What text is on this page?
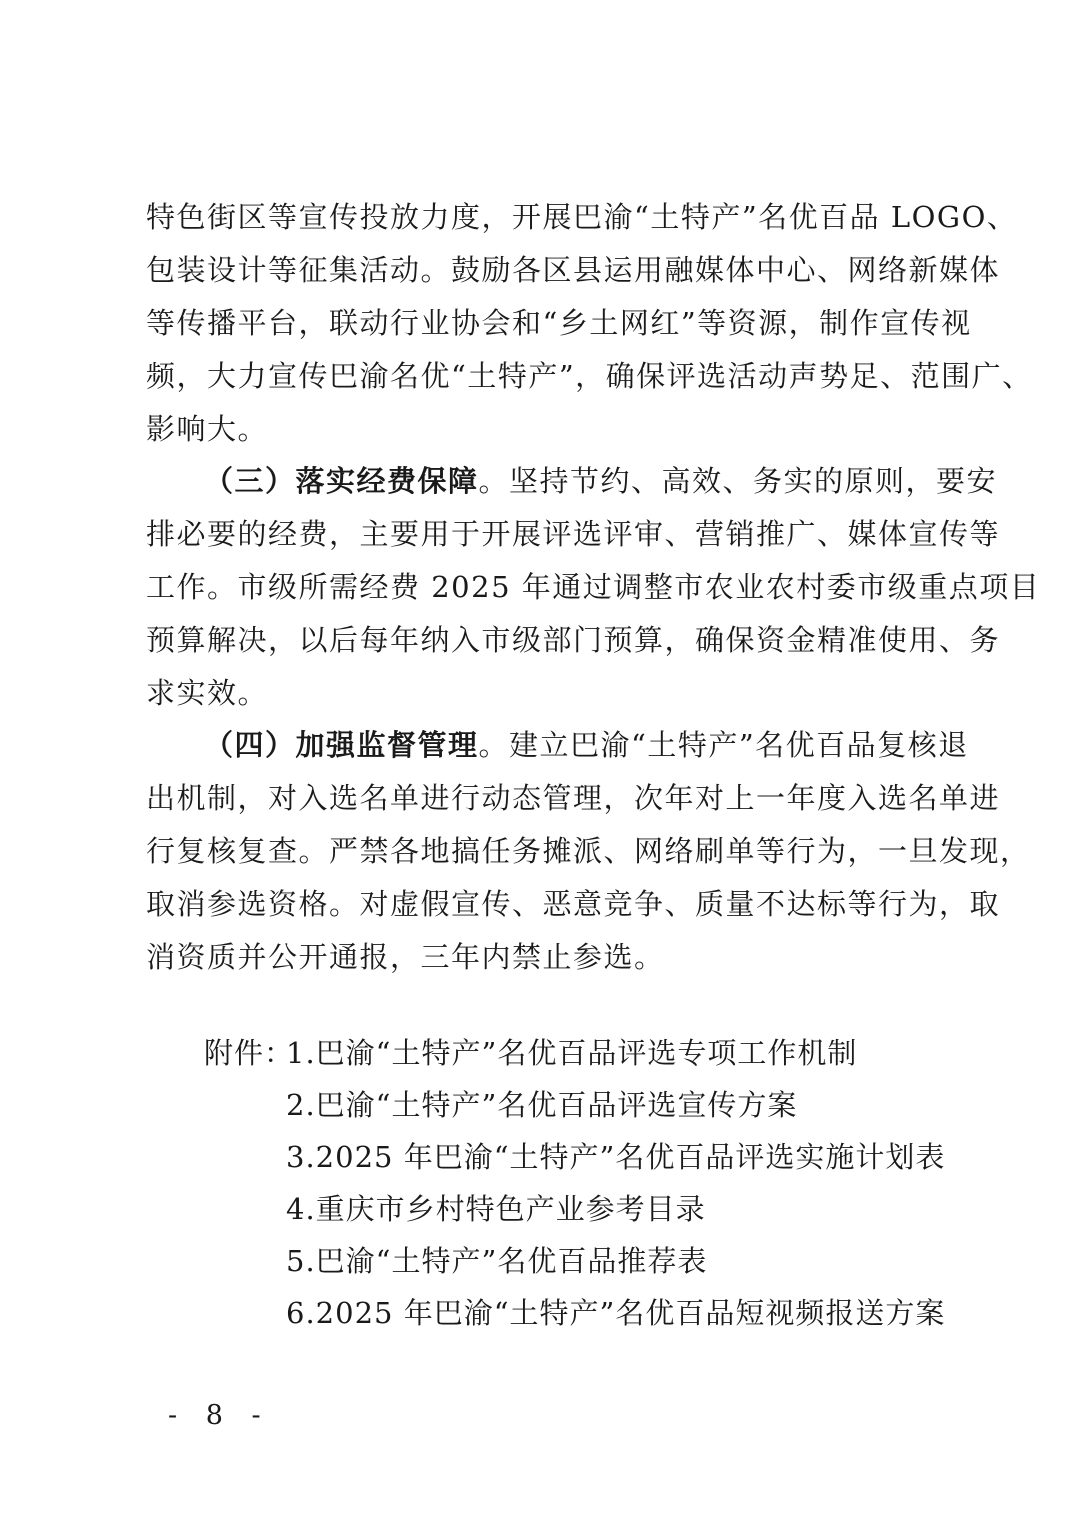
特色街区等宣传投放力度，开展巴渝“土特产”名优百品 LOGO、
包装设计等征集活动。鼓励各区县运用融媒体中心、网络新媒体
等传播平台，联动行业协会和“乡土网红”等资源，制作宣传视
频，大力宣传巴渝名优“土特产”，确保评选活动声势足、范围广、
影响大。
（三）落实经费保障。坚持节约、高效、务实的原则，要安
排必要的经费，主要用于开展评选评审、营销推广、媒体宣传等
工作。市级所需经费 2025 年通过调整市农业农村委市级重点项目
预算解决，以后每年纳入市级部门预算，确保资金精准使用、务
求实效。
（四）加强监督管理。建立巴渝“土特产”名优百品复核退
出机制，对入选名单进行动态管理，次年对上一年度入选名单进
行复核复查。严禁各地搞任务摊派、网络刷单等行为，一旦发现，
取消参选资格。对虚假宣传、恶意竞争、质量不达标等行为，取
消资质并公开通报，三年内禁止参选。
附件：
1.巴渝“土特产”名优百品评选专项工作机制
2.巴渝“土特产”名优百品评选宣传方案
3.2025 年巴渝“土特产”名优百品评选实施计划表
4.重庆市乡村特色产业参考目录
5.巴渝“土特产”名优百品推荐表
6.2025 年巴渝“土特产”名优百品短视频报送方案
- 8 -
